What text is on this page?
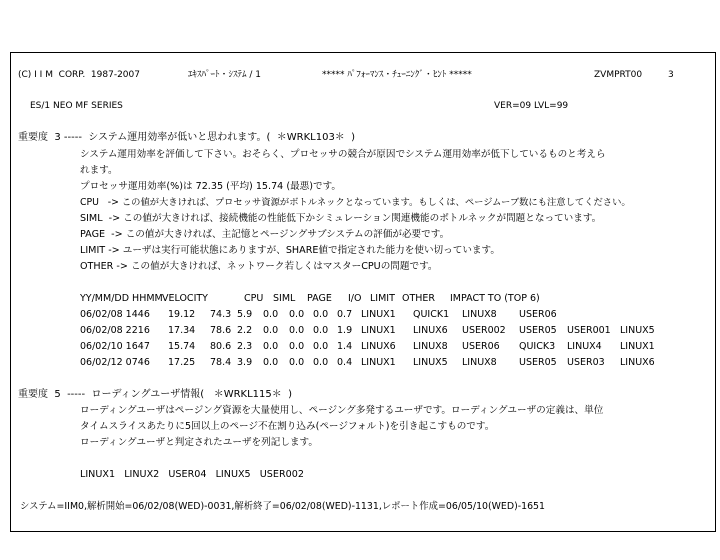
(C) I I M  CORP.  1987-2007	ｴｷｽﾊﾟｰﾄ・ｼｽﾃﾑ / 1	***** ﾊﾟﾌｫｰﾏﾝｽ・ﾁｭｰﾆﾝｸﾞ・ﾋﾝﾄ *****	ZVMPRT00	3
ES/1 NEO MF SERIES	VER=09 LVL=99
重要度  3 -----  システム運用効率が低いと思われます。(  ＊WRKL103＊  )
システム運用効率を評価して下さい。おそらく、プロセッサの競合が原因でシステム運用効率が低下しているものと考えら
れます。
プロセッサ運用効率(%)は 72.35 (平均) 15.74 (最悪)です。
CPU   -> この値が大きければ、プロセッサ資源がボトルネックとなっています。もしくは、ページムーブ数にも注意してください。
SIML  -> この値が大きければ、接続機能の性能低下かシミュレーション関連機能のボトルネックが問題となっています。
PAGE  -> この値が大きければ、主記憶とページングサブシステムの評価が必要です。
LIMIT -> ユーザは実行可能状態にありますが、SHARE値で指定された能力を使い切っています。
OTHER -> この値が大きければ、ネットワーク若しくはマスターCPUの問題です。
YY/MM/DD HHMM VELOCITY	CPU SIML PAGE I/O LIMIT OTHER IMPACT TO (TOP 6)
06/02/08 1446 19.12 74.3 5.9 0.0 0.0 0.0 0.7 LINUX1 QUICK1 LINUX8 USER06
06/02/08 2216 17.34 78.6 2.2 0.0 0.0 0.0 1.9 LINUX1 LINUX6 USER002 USER05 USER001 LINUX5
06/02/10 1647 15.74 80.6 2.3 0.0 0.0 0.0 1.4 LINUX6 LINUX8 USER06 QUICK3 LINUX4 LINUX1
06/02/12 0746 17.25 78.4 3.9 0.0 0.0 0.0 0.4 LINUX1 LINUX5 LINUX8 USER05 USER03 LINUX6
重要度  5  -----  ローディングユーザ情報(   ＊WRKL115＊  )
ローディングユーザはページング資源を大量使用し、ページング多発するユーザです。ローディングユーザの定義は、単位
タイムスライスあたりに5回以上のページ不在割り込み(ページフォルト)を引き起こすものです。
ローディングユーザと判定されたユーザを列記します。
LINUX1   LINUX2   USER04   LINUX5   USER002
システム=IIM0,解析開始=06/02/08(WED)-0031,解析終了=06/02/08(WED)-1131,レポート作成=06/05/10(WED)-1651
